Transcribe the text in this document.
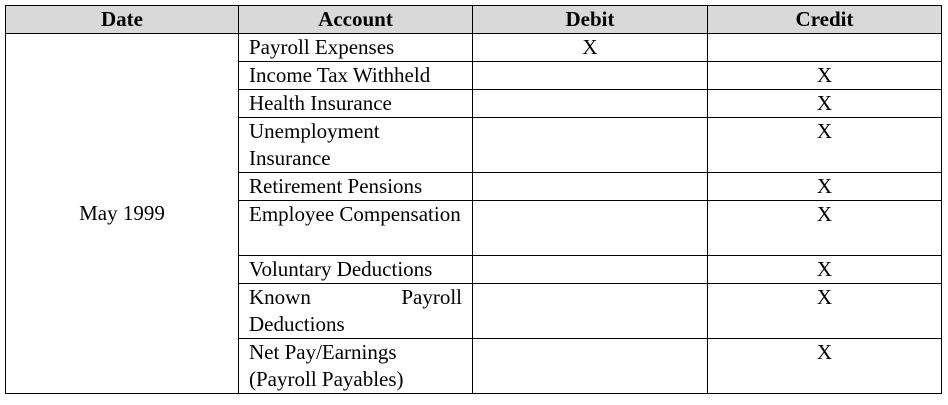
Date	Account	Debit	Credit
May 1999	Payroll Expenses	X	
	Income Tax Withheld		X
	Health Insurance		X
	Unemployment Insurance		X
	Retirement Pensions		X
	Employee Compensation		X
	Voluntary Deductions		X
	Known Payroll Deductions		X
	Net Pay/Earnings (Payroll Payables)		X
